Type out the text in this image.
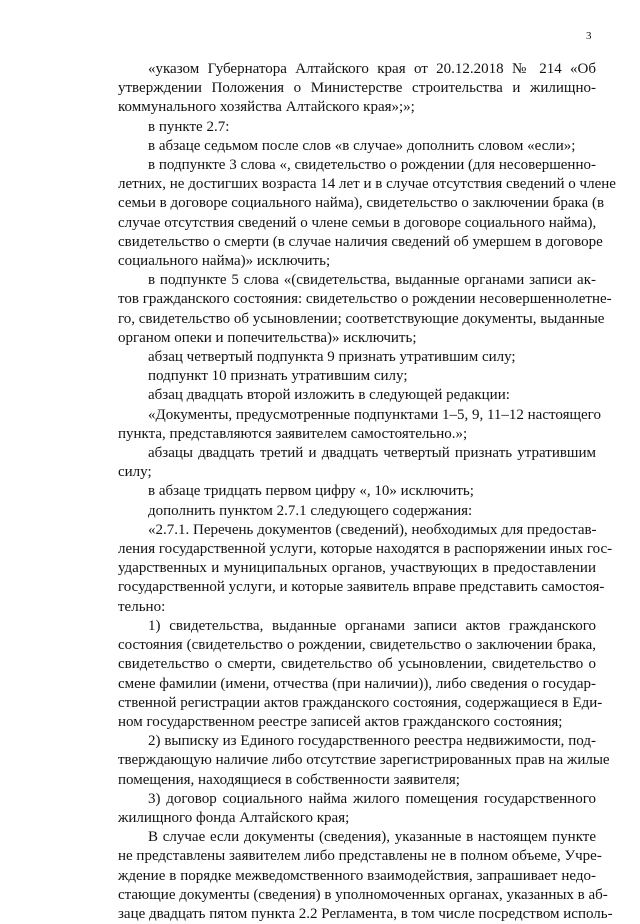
3
«указом Губернатора Алтайского края от 20.12.2018 № 214 «Об
утверждении Положения о Министерстве строительства и жилищно-
коммунального хозяйства Алтайского края»;»;
в пункте 2.7:
в абзаце седьмом после слов «в случае» дополнить словом «если»;
в подпункте 3 слова «, свидетельство о рождении (для несовершенно-
летних, не достигших возраста 14 лет и в случае отсутствия сведений о члене
семьи в договоре социального найма), свидетельство о заключении брака (в
случае отсутствия сведений о члене семьи в договоре социального найма),
свидетельство о смерти (в случае наличия сведений об умершем в договоре
социального найма)» исключить;
в подпункте 5 слова «(свидетельства, выданные органами записи ак-
тов гражданского состояния: свидетельство о рождении несовершеннолетне-
го, свидетельство об усыновлении; соответствующие документы, выданные
органом опеки и попечительства)» исключить;
абзац четвертый подпункта 9 признать утратившим силу;
подпункт 10 признать утратившим силу;
абзац двадцать второй изложить в следующей редакции:
«Документы, предусмотренные подпунктами 1–5, 9, 11–12 настоящего
пункта, представляются заявителем самостоятельно.»;
абзацы двадцать третий и двадцать четвертый признать утратившим
силу;
в абзаце тридцать первом цифру «, 10» исключить;
дополнить пунктом 2.7.1 следующего содержания:
«2.7.1. Перечень документов (сведений), необходимых для предостав-
ления государственной услуги, которые находятся в распоряжении иных гос-
ударственных и муниципальных органов, участвующих в предоставлении
государственной услуги, и которые заявитель вправе представить самостоя-
тельно:
1) свидетельства, выданные органами записи актов гражданского
состояния (свидетельство о рождении, свидетельство о заключении брака,
свидетельство о смерти, свидетельство об усыновлении, свидетельство о
смене фамилии (имени, отчества (при наличии)), либо сведения о государ-
ственной регистрации актов гражданского состояния, содержащиеся в Еди-
ном государственном реестре записей актов гражданского состояния;
2) выписку из Единого государственного реестра недвижимости, под-
тверждающую наличие либо отсутствие зарегистрированных прав на жилые
помещения, находящиеся в собственности заявителя;
3) договор социального найма жилого помещения государственного
жилищного фонда Алтайского края;
В случае если документы (сведения), указанные в настоящем пункте
не представлены заявителем либо представлены не в полном объеме, Учре-
ждение в порядке межведомственного взаимодействия, запрашивает недо-
стающие документы (сведения) в уполномоченных органах, указанных в аб-
заце двадцать пятом пункта 2.2 Регламента, в том числе посредством исполь-
